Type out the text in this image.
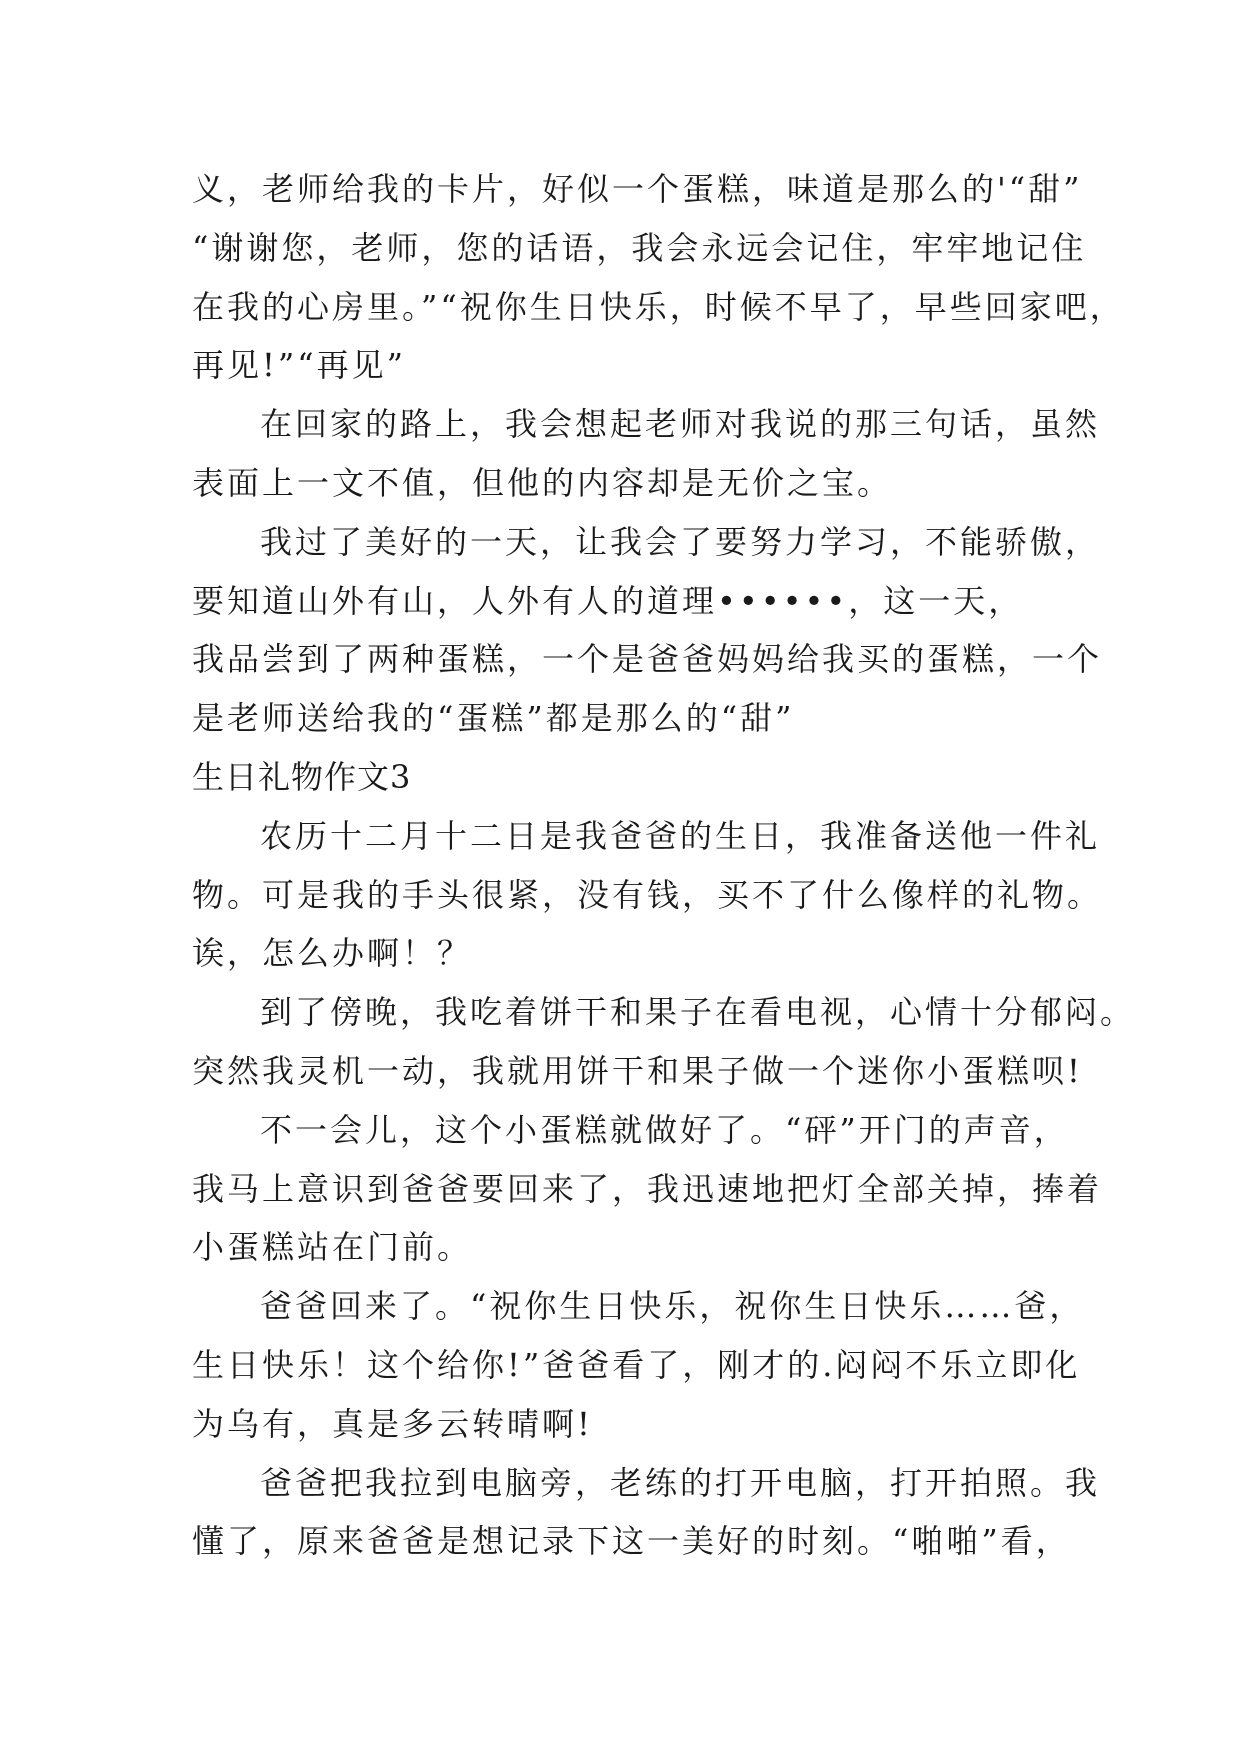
义，老师给我的卡片，好似一个蛋糕，味道是那么的'“甜”
“谢谢您，老师，您的话语，我会永远会记住，牢牢地记住
在我的心房里。”“祝你生日快乐，时候不早了，早些回家吧，
再见!”“再见”
在回家的路上，我会想起老师对我说的那三句话，虽然
表面上一文不值，但他的内容却是无价之宝。
我过了美好的一天，让我会了要努力学习，不能骄傲，
要知道山外有山，人外有人的道理••••••，这一天，
我品尝到了两种蛋糕，一个是爸爸妈妈给我买的蛋糕，一个
是老师送给我的“蛋糕”都是那么的“甜”
生日礼物作文3
农历十二月十二日是我爸爸的生日，我准备送他一件礼
物。可是我的手头很紧，没有钱，买不了什么像样的礼物。
诶，怎么办啊！？
到了傍晚，我吃着饼干和果子在看电视，心情十分郁闷。
突然我灵机一动，我就用饼干和果子做一个迷你小蛋糕呗!
不一会儿，这个小蛋糕就做好了。“砰”开门的声音，
我马上意识到爸爸要回来了，我迅速地把灯全部关掉，捧着
小蛋糕站在门前。
爸爸回来了。“祝你生日快乐，祝你生日快乐……爸，
生日快乐！这个给你!”爸爸看了，刚才的.闷闷不乐立即化
为乌有，真是多云转晴啊!
爸爸把我拉到电脑旁，老练的打开电脑，打开拍照。我
懂了，原来爸爸是想记录下这一美好的时刻。“啪啪”看，
